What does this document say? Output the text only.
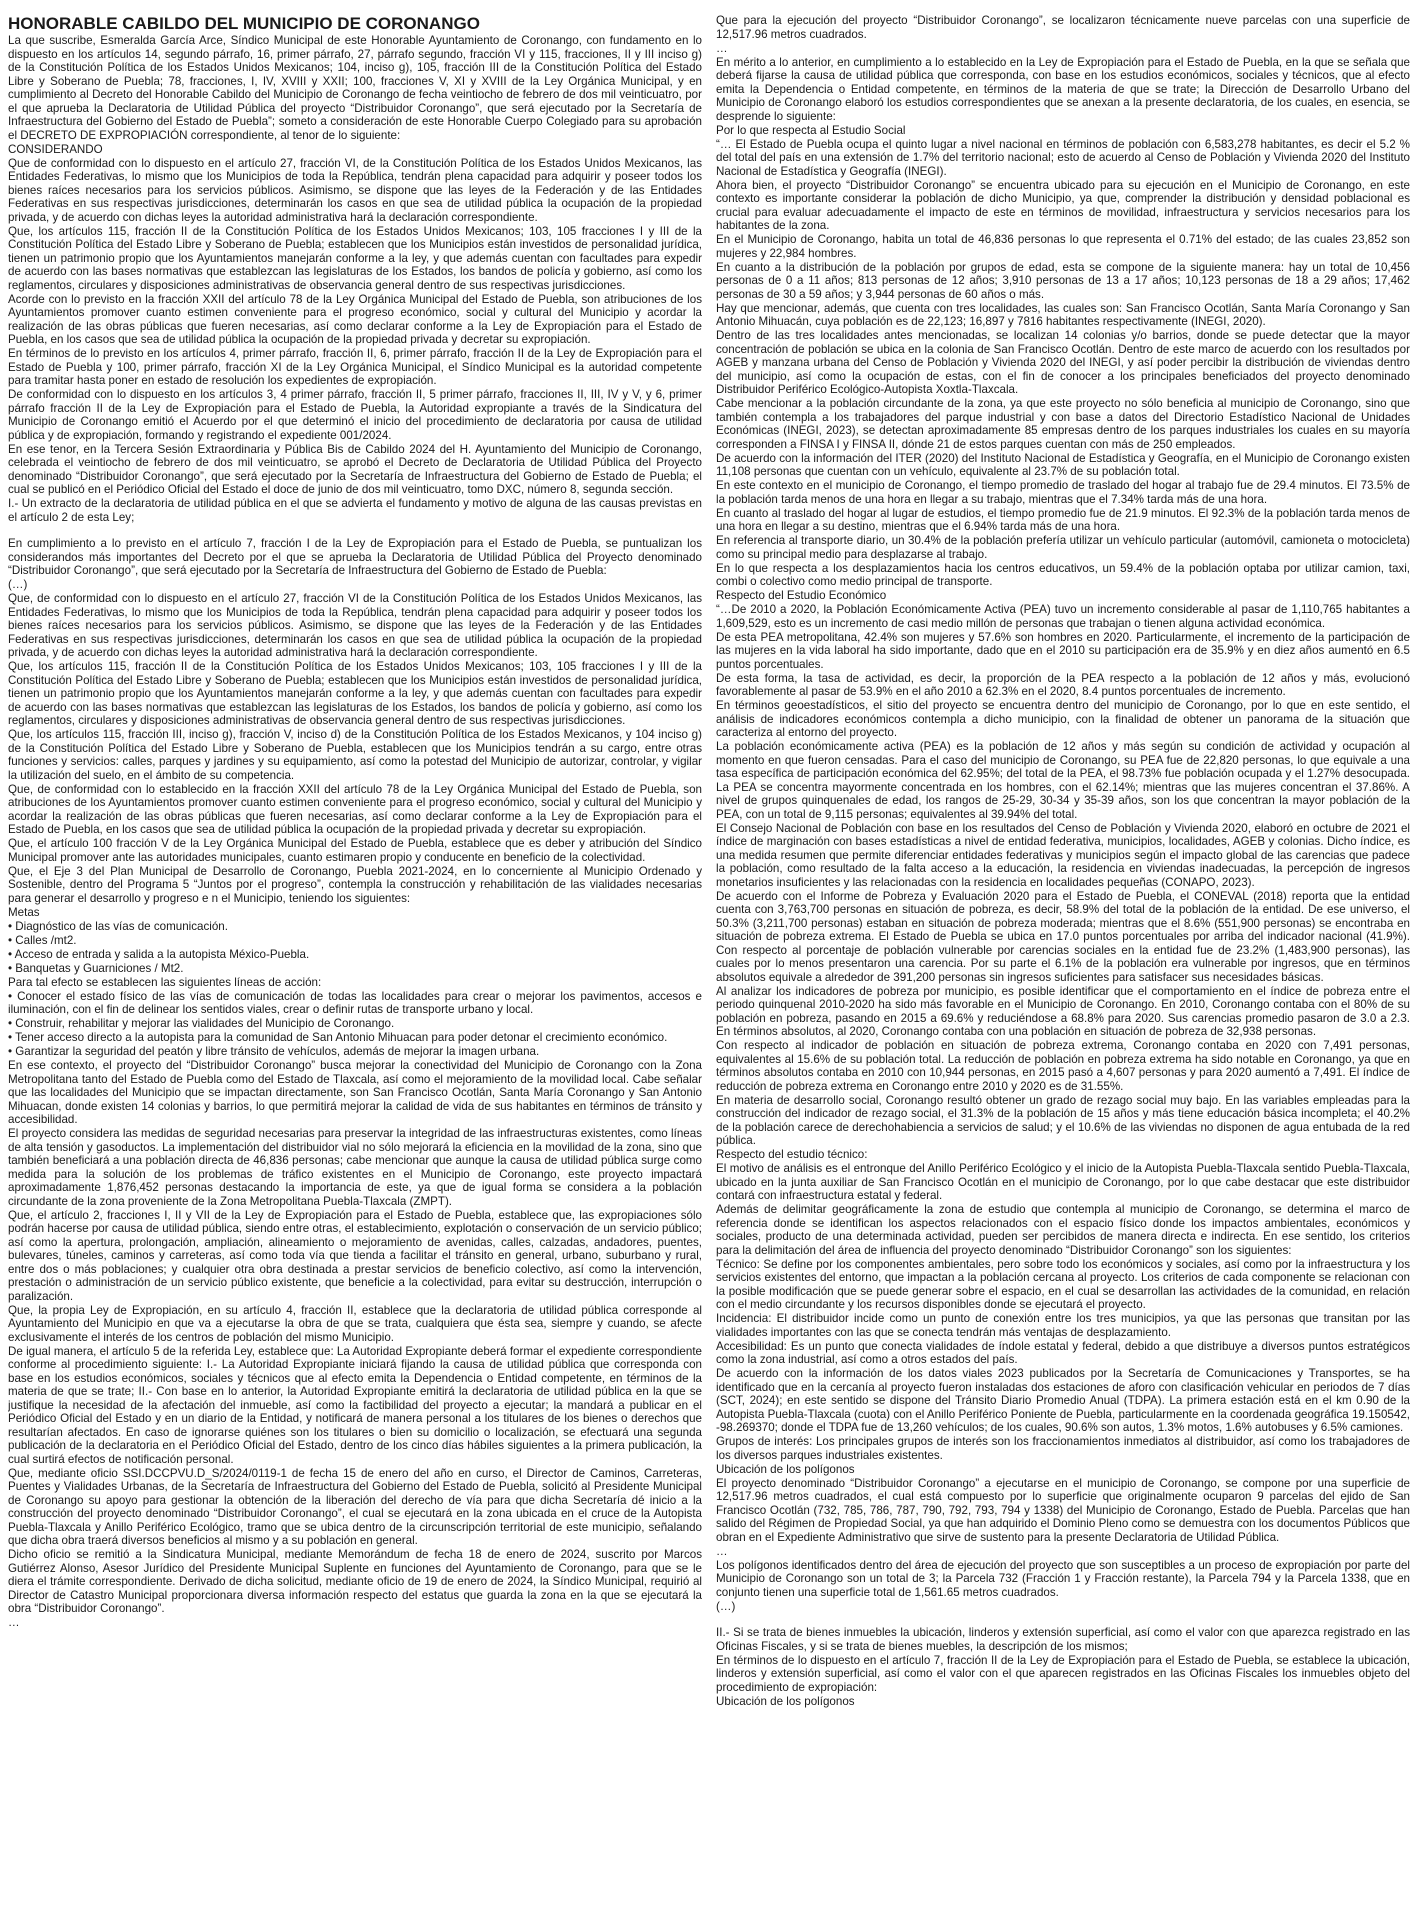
HONORABLE CABILDO DEL MUNICIPIO DE CORONANGO

La que suscribe, Esmeralda García Arce, Síndico Municipal de este Honorable Ayuntamiento de Coronango, con fundamento en lo dispuesto en los artículos 14, segundo párrafo, 16, primer párrafo, 27, párrafo segundo, fracción VI y 115, fracciones, II y III inciso g) de la Constitución Política de los Estados Unidos Mexicanos; 104, inciso g), 105, fracción III de la Constitución Política del Estado Libre y Soberano de Puebla; 78, fracciones, I, IV, XVIII y XXII; 100, fracciones V, XI y XVIII de la Ley Orgánica Municipal, y en cumplimiento al Decreto del Honorable Cabildo del Municipio de Coronango de fecha veintiocho de febrero de dos mil veinticuatro, por el que aprueba la Declaratoria de Utilidad Pública del proyecto “Distribuidor Coronango”, que será ejecutado por la Secretaría de Infraestructura del Gobierno del Estado de Puebla”; someto a consideración de este Honorable Cuerpo Colegiado para su aprobación el DECRETO DE EXPROPIACIÓN correspondiente, al tenor de lo siguiente:

CONSIDERANDO

Que de conformidad con lo dispuesto en el artículo 27, fracción VI, de la Constitución Política de los Estados Unidos Mexicanos, las Entidades Federativas, lo mismo que los Municipios de toda la República, tendrán plena capacidad para adquirir y poseer todos los bienes raíces necesarios para los servicios públicos. Asimismo, se dispone que las leyes de la Federación y de las Entidades Federativas en sus respectivas jurisdicciones, determinarán los casos en que sea de utilidad pública la ocupación de la propiedad privada, y de acuerdo con dichas leyes la autoridad administrativa hará la declaración correspondiente.

Que, los artículos 115, fracción II de la Constitución Política de los Estados Unidos Mexicanos; 103, 105 fracciones I y III de la Constitución Política del Estado Libre y Soberano de Puebla; establecen que los Municipios están investidos de personalidad jurídica, tienen un patrimonio propio que los Ayuntamientos manejarán conforme a la ley, y que además cuentan con facultades para expedir de acuerdo con las bases normativas que establezcan las legislaturas de los Estados, los bandos de policía y gobierno, así como los reglamentos, circulares y disposiciones administrativas de observancia general dentro de sus respectivas jurisdicciones.

Acorde con lo previsto en la fracción XXII del artículo 78 de la Ley Orgánica Municipal del Estado de Puebla, son atribuciones de los Ayuntamientos promover cuanto estimen conveniente para el progreso económico, social y cultural del Municipio y acordar la realización de las obras públicas que fueren necesarias, así como declarar conforme a la Ley de Expropiación para el Estado de Puebla, en los casos que sea de utilidad pública la ocupación de la propiedad privada y decretar su expropiación.

En términos de lo previsto en los artículos 4, primer párrafo, fracción II, 6, primer párrafo, fracción II de la Ley de Expropiación para el Estado de Puebla y 100, primer párrafo, fracción XI de la Ley Orgánica Municipal, el Síndico Municipal es la autoridad competente para tramitar hasta poner en estado de resolución los expedientes de expropiación.

De conformidad con lo dispuesto en los artículos 3, 4 primer párrafo, fracción II, 5 primer párrafo, fracciones II, III, IV y V, y 6, primer párrafo fracción II de la Ley de Expropiación para el Estado de Puebla, la Autoridad expropiante a través de la Sindicatura del Municipio de Coronango emitió el Acuerdo por el que determinó el inicio del procedimiento de declaratoria por causa de utilidad pública y de expropiación, formando y registrando el expediente 001/2024.

En ese tenor, en la Tercera Sesión Extraordinaria y Pública Bis de Cabildo 2024 del H. Ayuntamiento del Municipio de Coronango, celebrada el veintiocho de febrero de dos mil veinticuatro, se aprobó el Decreto de Declaratoria de Utilidad Pública del Proyecto denominado “Distribuidor Coronango”, que será ejecutado por la Secretaría de Infraestructura del Gobierno de Estado de Puebla; el cual se publicó en el Periódico Oficial del Estado el doce de junio de dos mil veinticuatro, tomo DXC, número 8, segunda sección.

I.- Un extracto de la declaratoria de utilidad pública en el que se advierta el fundamento y motivo de alguna de las causas previstas en el artículo 2 de esta Ley;

En cumplimiento a lo previsto en el artículo 7, fracción I de la Ley de Expropiación para el Estado de Puebla, se puntualizan los considerandos más importantes del Decreto por el que se aprueba la Declaratoria de Utilidad Pública del Proyecto denominado “Distribuidor Coronango”, que será ejecutado por la Secretaría de Infraestructura del Gobierno de Estado de Puebla:

(…)

Que, de conformidad con lo dispuesto en el artículo 27, fracción VI de la Constitución Política de los Estados Unidos Mexicanos, las Entidades Federativas, lo mismo que los Municipios de toda la República, tendrán plena capacidad para adquirir y poseer todos los bienes raíces necesarios para los servicios públicos. Asimismo, se dispone que las leyes de la Federación y de las Entidades Federativas en sus respectivas jurisdicciones, determinarán los casos en que sea de utilidad pública la ocupación de la propiedad privada, y de acuerdo con dichas leyes la autoridad administrativa hará la declaración correspondiente.

Que, los artículos 115, fracción II de la Constitución Política de los Estados Unidos Mexicanos; 103, 105 fracciones I y III de la Constitución Política del Estado Libre y Soberano de Puebla; establecen que los Municipios están investidos de personalidad jurídica, tienen un patrimonio propio que los Ayuntamientos manejarán conforme a la ley, y que además cuentan con facultades para expedir de acuerdo con las bases normativas que establezcan las legislaturas de los Estados, los bandos de policía y gobierno, así como los reglamentos, circulares y disposiciones administrativas de observancia general dentro de sus respectivas jurisdicciones.

Que, los artículos 115, fracción III, inciso g), fracción V, inciso d) de la Constitución Política de los Estados Mexicanos, y 104 inciso g) de la Constitución Política del Estado Libre y Soberano de Puebla, establecen que los Municipios tendrán a su cargo, entre otras funciones y servicios: calles, parques y jardines y su equipamiento, así como la potestad del Municipio de autorizar, controlar, y vigilar la utilización del suelo, en el ámbito de su competencia.

Que, de conformidad con lo establecido en la fracción XXII del artículo 78 de la Ley Orgánica Municipal del Estado de Puebla, son atribuciones de los Ayuntamientos promover cuanto estimen conveniente para el progreso económico, social y cultural del Municipio y acordar la realización de las obras públicas que fueren necesarias, así como declarar conforme a la Ley de Expropiación para el Estado de Puebla, en los casos que sea de utilidad pública la ocupación de la propiedad privada y decretar su expropiación.

Que, el artículo 100 fracción V de la Ley Orgánica Municipal del Estado de Puebla, establece que es deber y atribución del Síndico Municipal promover ante las autoridades municipales, cuanto estimaren propio y conducente en beneficio de la colectividad.

Que, el Eje 3 del Plan Municipal de Desarrollo de Coronango, Puebla 2021-2024, en lo concerniente al Municipio Ordenado y Sostenible, dentro del Programa 5 “Juntos por el progreso”, contempla la construcción y rehabilitación de las vialidades necesarias para generar el desarrollo y progreso e n el Municipio, teniendo los siguientes:

Metas

• Diagnóstico de las vías de comunicación.

• Calles /mt2.

• Acceso de entrada y salida a la autopista México-Puebla.

• Banquetas y Guarniciones / Mt2.

Para tal efecto se establecen las siguientes líneas de acción:

• Conocer el estado físico de las vías de comunicación de todas las localidades para crear o mejorar los pavimentos, accesos e iluminación, con el fin de delinear los sentidos viales, crear o definir rutas de transporte urbano y local.

• Construir, rehabilitar y mejorar las vialidades del Municipio de Coronango.

• Tener acceso directo a la autopista para la comunidad de San Antonio Mihuacan para poder detonar el crecimiento económico.

• Garantizar la seguridad del peatón y libre tránsito de vehículos, además de mejorar la imagen urbana.

En ese contexto, el proyecto del “Distribuidor Coronango” busca mejorar la conectividad del Municipio de Coronango con la Zona Metropolitana tanto del Estado de Puebla como del Estado de Tlaxcala, así como el mejoramiento de la movilidad local. Cabe señalar que las localidades del Municipio que se impactan directamente, son San Francisco Ocotlán, Santa María Coronango y San Antonio Mihuacan, donde existen 14 colonias y barrios, lo que permitirá mejorar la calidad de vida de sus habitantes en términos de tránsito y accesibilidad.

El proyecto considera las medidas de seguridad necesarias para preservar la integridad de las infraestructuras existentes, como líneas de alta tensión y gasoductos. La implementación del distribuidor vial no sólo mejorará la eficiencia en la movilidad de la zona, sino que también beneficiará a una población directa de 46,836 personas; cabe mencionar que aunque la causa de utilidad pública surge como medida para la solución de los problemas de tráfico existentes en el Municipio de Coronango, este proyecto impactará aproximadamente 1,876,452 personas destacando la importancia de este, ya que de igual forma se considera a la población circundante de la zona proveniente de la Zona Metropolitana Puebla-Tlaxcala (ZMPT).

Que, el artículo 2, fracciones I, II y VII de la Ley de Expropiación para el Estado de Puebla, establece que, las expropiaciones sólo podrán hacerse por causa de utilidad pública, siendo entre otras, el establecimiento, explotación o conservación de un servicio público; así como la apertura, prolongación, ampliación, alineamiento o mejoramiento de avenidas, calles, calzadas, andadores, puentes, bulevares, túneles, caminos y carreteras, así como toda vía que tienda a facilitar el tránsito en general, urbano, suburbano y rural, entre dos o más poblaciones; y cualquier otra obra destinada a prestar servicios de beneficio colectivo, así como la intervención, prestación o administración de un servicio público existente, que beneficie a la colectividad, para evitar su destrucción, interrupción o paralización.

Que, la propia Ley de Expropiación, en su artículo 4, fracción II, establece que la declaratoria de utilidad pública corresponde al Ayuntamiento del Municipio en que va a ejecutarse la obra de que se trata, cualquiera que ésta sea, siempre y cuando, se afecte exclusivamente el interés de los centros de población del mismo Municipio.

De igual manera, el artículo 5 de la referida Ley, establece que: La Autoridad Expropiante deberá formar el expediente correspondiente conforme al procedimiento siguiente: I.- La Autoridad Expropiante iniciará fijando la causa de utilidad pública que corresponda con base en los estudios económicos, sociales y técnicos que al efecto emita la Dependencia o Entidad competente, en términos de la materia de que se trate; II.- Con base en lo anterior, la Autoridad Expropiante emitirá la declaratoria de utilidad pública en la que se justifique la necesidad de la afectación del inmueble, así como la factibilidad del proyecto a ejecutar; la mandará a publicar en el Periódico Oficial del Estado y en un diario de la Entidad, y notificará de manera personal a los titulares de los bienes o derechos que resultarían afectados. En caso de ignorarse quiénes son los titulares o bien su domicilio o localización, se efectuará una segunda publicación de la declaratoria en el Periódico Oficial del Estado, dentro de los cinco días hábiles siguientes a la primera publicación, la cual surtirá efectos de notificación personal.

Que, mediante oficio SSI.DCCPVU.D_S/2024/0119-1 de fecha 15 de enero del año en curso, el Director de Caminos, Carreteras, Puentes y Vialidades Urbanas, de la Secretaría de Infraestructura del Gobierno del Estado de Puebla, solicitó al Presidente Municipal de Coronango su apoyo para gestionar la obtención de la liberación del derecho de vía para que dicha Secretaría dé inicio a la construcción del proyecto denominado “Distribuidor Coronango”, el cual se ejecutará en la zona ubicada en el cruce de la Autopista Puebla-Tlaxcala y Anillo Periférico Ecológico, tramo que se ubica dentro de la circunscripción territorial de este municipio, señalando que dicha obra traerá diversos beneficios al mismo y a su población en general.

Dicho oficio se remitió a la Sindicatura Municipal, mediante Memorándum de fecha 18 de enero de 2024, suscrito por Marcos Gutiérrez Alonso, Asesor Jurídico del Presidente Municipal Suplente en funciones del Ayuntamiento de Coronango, para que se le diera el trámite correspondiente. Derivado de dicha solicitud, mediante oficio de 19 de enero de 2024, la Síndico Municipal, requirió al Director de Catastro Municipal proporcionara diversa información respecto del estatus que guarda la zona en la que se ejecutará la obra “Distribuidor Coronango”.

…

Que para la ejecución del proyecto “Distribuidor Coronango”, se localizaron técnicamente nueve parcelas con una superficie de 12,517.96 metros cuadrados.

…

En mérito a lo anterior, en cumplimiento a lo establecido en la Ley de Expropiación para el Estado de Puebla, en la que se señala que deberá fijarse la causa de utilidad pública que corresponda, con base en los estudios económicos, sociales y técnicos, que al efecto emita la Dependencia o Entidad competente, en términos de la materia de que se trate; la Dirección de Desarrollo Urbano del Municipio de Coronango elaboró los estudios correspondientes que se anexan a la presente declaratoria, de los cuales, en esencia, se desprende lo siguiente:

Por lo que respecta al Estudio Social

“… El Estado de Puebla ocupa el quinto lugar a nivel nacional en términos de población con 6,583,278 habitantes, es decir el 5.2 % del total del país en una extensión de 1.7% del territorio nacional; esto de acuerdo al Censo de Población y Vivienda 2020 del Instituto Nacional de Estadística y Geografía (INEGI).

Ahora bien, el proyecto “Distribuidor Coronango” se encuentra ubicado para su ejecución en el Municipio de Coronango, en este contexto es importante considerar la población de dicho Municipio, ya que, comprender la distribución y densidad poblacional es crucial para evaluar adecuadamente el impacto de este en términos de movilidad, infraestructura y servicios necesarios para los habitantes de la zona.

En el Municipio de Coronango, habita un total de 46,836 personas lo que representa el 0.71% del estado; de las cuales 23,852 son mujeres y 22,984 hombres.

En cuanto a la distribución de la población por grupos de edad, esta se compone de la siguiente manera: hay un total de 10,456 personas de 0 a 11 años; 813 personas de 12 años; 3,910 personas de 13 a 17 años; 10,123 personas de 18 a 29 años; 17,462 personas de 30 a 59 años; y 3,944 personas de 60 años o más.

Hay que mencionar, además, que cuenta con tres localidades, las cuales son: San Francisco Ocotlán, Santa María Coronango y San Antonio Mihuacán, cuya población es de 22,123; 16,897 y 7816 habitantes respectivamente (INEGI, 2020).

Dentro de las tres localidades antes mencionadas, se localizan 14 colonias y/o barrios, donde se puede detectar que la mayor concentración de población se ubica en la colonia de San Francisco Ocotlán. Dentro de este marco de acuerdo con los resultados por AGEB y manzana urbana del Censo de Población y Vivienda 2020 del INEGI, y así poder percibir la distribución de viviendas dentro del municipio, así como la ocupación de estas, con el fin de conocer a los principales beneficiados del proyecto denominado Distribuidor Periférico Ecológico-Autopista Xoxtla-Tlaxcala.

Cabe mencionar a la población circundante de la zona, ya que este proyecto no sólo beneficia al municipio de Coronango, sino que también contempla a los trabajadores del parque industrial y con base a datos del Directorio Estadístico Nacional de Unidades Económicas (INEGI, 2023), se detectan aproximadamente 85 empresas dentro de los parques industriales los cuales en su mayoría corresponden a FINSA I y FINSA II, dónde 21 de estos parques cuentan con más de 250 empleados.

De acuerdo con la información del ITER (2020) del Instituto Nacional de Estadística y Geografía, en el Municipio de Coronango existen 11,108 personas que cuentan con un vehículo, equivalente al 23.7% de su población total.

En este contexto en el municipio de Coronango, el tiempo promedio de traslado del hogar al trabajo fue de 29.4 minutos. El 73.5% de la población tarda menos de una hora en llegar a su trabajo, mientras que el 7.34% tarda más de una hora.

En cuanto al traslado del hogar al lugar de estudios, el tiempo promedio fue de 21.9 minutos. El 92.3% de la población tarda menos de una hora en llegar a su destino, mientras que el 6.94% tarda más de una hora.

En referencia al transporte diario, un 30.4% de la población prefería utilizar un vehículo particular (automóvil, camioneta o motocicleta) como su principal medio para desplazarse al trabajo.

En lo que respecta a los desplazamientos hacia los centros educativos, un 59.4% de la población optaba por utilizar camion, taxi, combi o colectivo como medio principal de transporte.

Respecto del Estudio Económico

“…De 2010 a 2020, la Población Económicamente Activa (PEA) tuvo un incremento considerable al pasar de 1,110,765 habitantes a 1,609,529, esto es un incremento de casi medio millón de personas que trabajan o tienen alguna actividad económica.

De esta PEA metropolitana, 42.4% son mujeres y 57.6% son hombres en 2020. Particularmente, el incremento de la participación de las mujeres en la vida laboral ha sido importante, dado que en el 2010 su participación era de 35.9% y en diez años aumentó en 6.5 puntos porcentuales.

De esta forma, la tasa de actividad, es decir, la proporción de la PEA respecto a la población de 12 años y más, evolucionó favorablemente al pasar de 53.9% en el año 2010 a 62.3% en el 2020, 8.4 puntos porcentuales de incremento.

En términos geoestadísticos, el sitio del proyecto se encuentra dentro del municipio de Coronango, por lo que en este sentido, el análisis de indicadores económicos contempla a dicho municipio, con la finalidad de obtener un panorama de la situación que caracteriza al entorno del proyecto.

La población económicamente activa (PEA) es la población de 12 años y más según su condición de actividad y ocupación al momento en que fueron censadas. Para el caso del municipio de Coronango, su PEA fue de 22,820 personas, lo que equivale a una tasa específica de participación económica del 62.95%; del total de la PEA, el 98.73% fue población ocupada y el 1.27% desocupada. La PEA se concentra mayormente concentrada en los hombres, con el 62.14%; mientras que las mujeres concentran el 37.86%. A nivel de grupos quinquenales de edad, los rangos de 25-29, 30-34 y 35-39 años, son los que concentran la mayor población de la PEA, con un total de 9,115 personas; equivalentes al 39.94% del total.

El Consejo Nacional de Población con base en los resultados del Censo de Población y Vivienda 2020, elaboró en octubre de 2021 el índice de marginación con bases estadísticas a nivel de entidad federativa, municipios, localidades, AGEB y colonias. Dicho índice, es una medida resumen que permite diferenciar entidades federativas y municipios según el impacto global de las carencias que padece la población, como resultado de la falta acceso a la educación, la residencia en viviendas inadecuadas, la percepción de ingresos monetarios insuficientes y las relacionadas con la residencia en localidades pequeñas (CONAPO, 2023).

De acuerdo con el Informe de Pobreza y Evaluación 2020 para el Estado de Puebla, el CONEVAL (2018) reporta que la entidad cuenta con 3,763,700 personas en situación de pobreza, es decir, 58.9% del total de la población de la entidad. De ese universo, el 50.3% (3,211,700 personas) estaban en situación de pobreza moderada; mientras que el 8.6% (551,900 personas) se encontraba en situación de pobreza extrema. El Estado de Puebla se ubica en 17.0 puntos porcentuales por arriba del indicador nacional (41.9%). Con respecto al porcentaje de población vulnerable por carencias sociales en la entidad fue de 23.2% (1,483,900 personas), las cuales por lo menos presentaron una carencia. Por su parte el 6.1% de la población era vulnerable por ingresos, que en términos absolutos equivale a alrededor de 391,200 personas sin ingresos suficientes para satisfacer sus necesidades básicas.

Al analizar los indicadores de pobreza por municipio, es posible identificar que el comportamiento en el índice de pobreza entre el periodo quinquenal 2010-2020 ha sido más favorable en el Municipio de Coronango. En 2010, Coronango contaba con el 80% de su población en pobreza, pasando en 2015 a 69.6% y reduciéndose a 68.8% para 2020. Sus carencias promedio pasaron de 3.0 a 2.3. En términos absolutos, al 2020, Coronango contaba con una población en situación de pobreza de 32,938 personas.

Con respecto al indicador de población en situación de pobreza extrema, Coronango contaba en 2020 con 7,491 personas, equivalentes al 15.6% de su población total. La reducción de población en pobreza extrema ha sido notable en Coronango, ya que en términos absolutos contaba en 2010 con 10,944 personas, en 2015 pasó a 4,607 personas y para 2020 aumentó a 7,491. El índice de reducción de pobreza extrema en Coronango entre 2010 y 2020 es de 31.55%.

En materia de desarrollo social, Coronango resultó obtener un grado de rezago social muy bajo. En las variables empleadas para la construcción del indicador de rezago social, el 31.3% de la población de 15 años y más tiene educación básica incompleta; el 40.2% de la población carece de derechohabiencia a servicios de salud; y el 10.6% de las viviendas no disponen de agua entubada de la red pública.

Respecto del estudio técnico:

El motivo de análisis es el entronque del Anillo Periférico Ecológico y el inicio de la Autopista Puebla-Tlaxcala sentido Puebla-Tlaxcala, ubicado en la junta auxiliar de San Francisco Ocotlán en el municipio de Coronango, por lo que cabe destacar que este distribuidor contará con infraestructura estatal y federal.

Además de delimitar geográficamente la zona de estudio que contempla al municipio de Coronango, se determina el marco de referencia donde se identifican los aspectos relacionados con el espacio físico donde los impactos ambientales, económicos y sociales, producto de una determinada actividad, pueden ser percibidos de manera directa e indirecta. En ese sentido, los criterios para la delimitación del área de influencia del proyecto denominado “Distribuidor Coronango” son los siguientes:

Técnico: Se define por los componentes ambientales, pero sobre todo los económicos y sociales, así como por la infraestructura y los servicios existentes del entorno, que impactan a la población cercana al proyecto. Los criterios de cada componente se relacionan con la posible modificación que se puede generar sobre el espacio, en el cual se desarrollan las actividades de la comunidad, en relación con el medio circundante y los recursos disponibles donde se ejecutará el proyecto.

Incidencia: El distribuidor incide como un punto de conexión entre los tres municipios, ya que las personas que transitan por las vialidades importantes con las que se conecta tendrán más ventajas de desplazamiento.

Accesibilidad: Es un punto que conecta vialidades de índole estatal y federal, debido a que distribuye a diversos puntos estratégicos como la zona industrial, así como a otros estados del país.

De acuerdo con la información de los datos viales 2023 publicados por la Secretaría de Comunicaciones y Transportes, se ha identificado que en la cercanía al proyecto fueron instaladas dos estaciones de aforo con clasificación vehicular en periodos de 7 días (SCT, 2024); en este sentido se dispone del Tránsito Diario Promedio Anual (TDPA). La primera estación está en el km 0.90 de la Autopista Puebla-Tlaxcala (cuota) con el Anillo Periférico Poniente de Puebla, particularmente en la coordenada geográfica 19.150542, -98.269370; donde el TDPA fue de 13,260 vehículos; de los cuales, 90.6% son autos, 1.3% motos, 1.6% autobuses y 6.5% camiones.

Grupos de interés: Los principales grupos de interés son los fraccionamientos inmediatos al distribuidor, así como los trabajadores de los diversos parques industriales existentes.

Ubicación de los polígonos

El proyecto denominado “Distribuidor Coronango” a ejecutarse en el municipio de Coronango, se compone por una superficie de 12,517.96 metros cuadrados, el cual está compuesto por lo superficie que originalmente ocuparon 9 parcelas del ejido de San Francisco Ocotlán (732, 785, 786, 787, 790, 792, 793, 794 y 1338) del Municipio de Coronango, Estado de Puebla. Parcelas que han salido del Régimen de Propiedad Social, ya que han adquirido el Dominio Pleno como se demuestra con los documentos Públicos que obran en el Expediente Administrativo que sirve de sustento para la presente Declaratoria de Utilidad Pública.

…

Los polígonos identificados dentro del área de ejecución del proyecto que son susceptibles a un proceso de expropiación por parte del Municipio de Coronango son un total de 3; la Parcela 732 (Fracción 1 y Fracción restante), la Parcela 794 y la Parcela 1338, que en conjunto tienen una superficie total de 1,561.65 metros cuadrados.

(…)

II.- Si se trata de bienes inmuebles la ubicación, linderos y extensión superficial, así como el valor con que aparezca registrado en las Oficinas Fiscales, y si se trata de bienes muebles, la descripción de los mismos;

En términos de lo dispuesto en el artículo 7, fracción II de la Ley de Expropiación para el Estado de Puebla, se establece la ubicación, linderos y extensión superficial, así como el valor con el que aparecen registrados en las Oficinas Fiscales los inmuebles objeto del procedimiento de expropiación:

Ubicación de los polígonos
